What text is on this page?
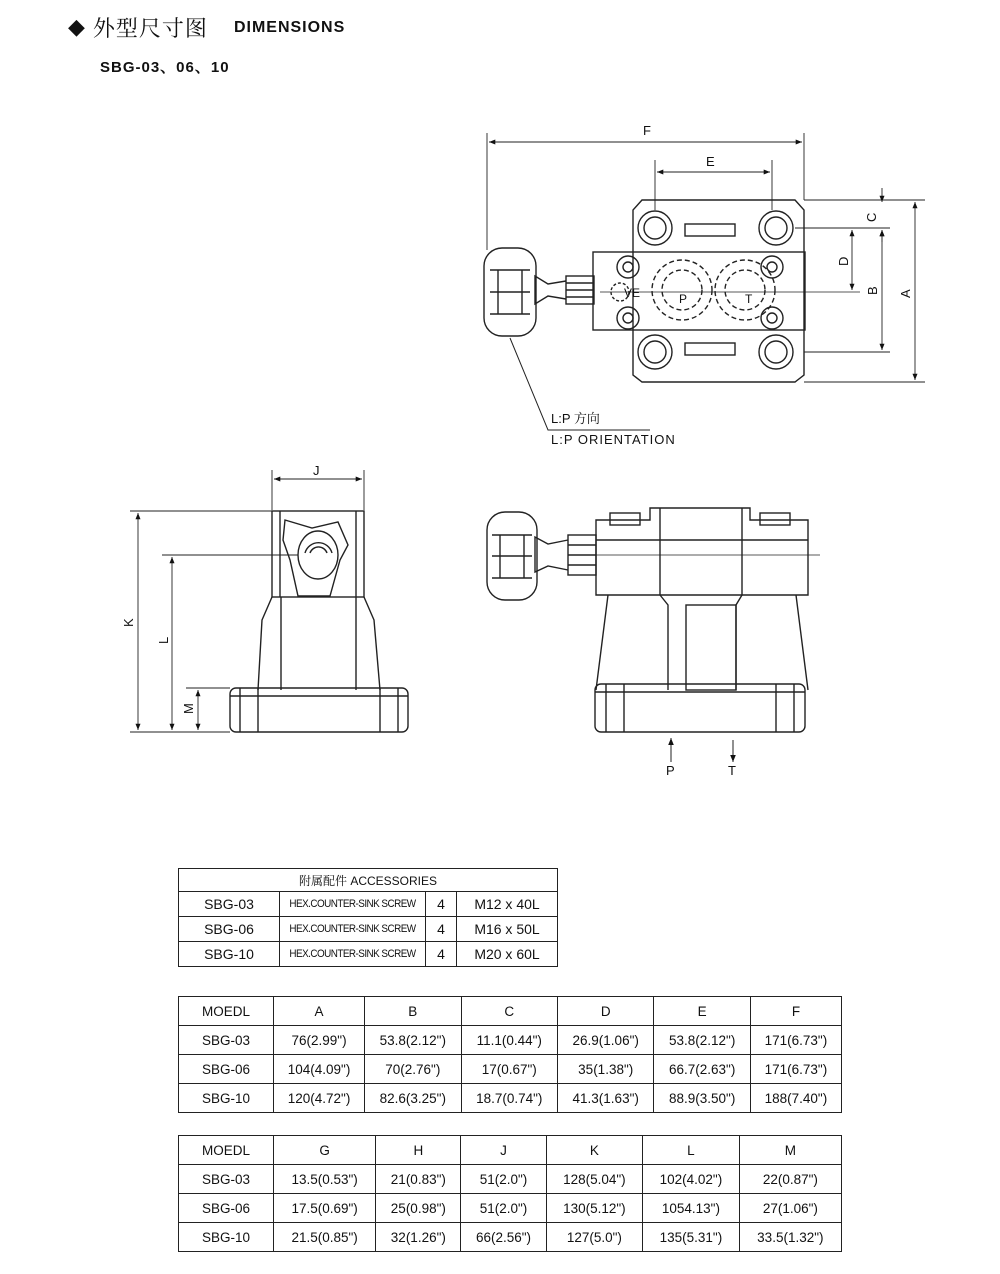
◆ 外型尺寸图 DIMENSIONS
SBG-03、06、10
F
E
C
D
B A
J
K
L
M
VE	P	T
L:P 方向
L:P ORIENTATION
P	T
附属配件 ACCESSORIES			
SBG-03	HEX.COUNTER-SINK SCREW	4	M12 x 40L
SBG-06	HEX.COUNTER-SINK SCREW	4	M16 x 50L
SBG-10	HEX.COUNTER-SINK SCREW	4	M20 x 60L
MOEDL	A	B	C	D	E	F
SBG-03	76(2.99")	53.8(2.12")	11.1(0.44")	26.9(1.06")	53.8(2.12")	171(6.73")
SBG-06	104(4.09")	70(2.76")	17(0.67")	35(1.38")	66.7(2.63")	171(6.73")
SBG-10	120(4.72")	82.6(3.25")	18.7(0.74")	41.3(1.63")	88.9(3.50")	188(7.40")
MOEDL	G	H	J	K	L	M
SBG-03	13.5(0.53")	21(0.83")	51(2.0")	128(5.04")	102(4.02")	22(0.87")
SBG-06	17.5(0.69")	25(0.98")	51(2.0")	130(5.12")	1054.13")	27(1.06")
SBG-10	21.5(0.85")	32(1.26")	66(2.56")	127(5.0")	135(5.31")	33.5(1.32")
